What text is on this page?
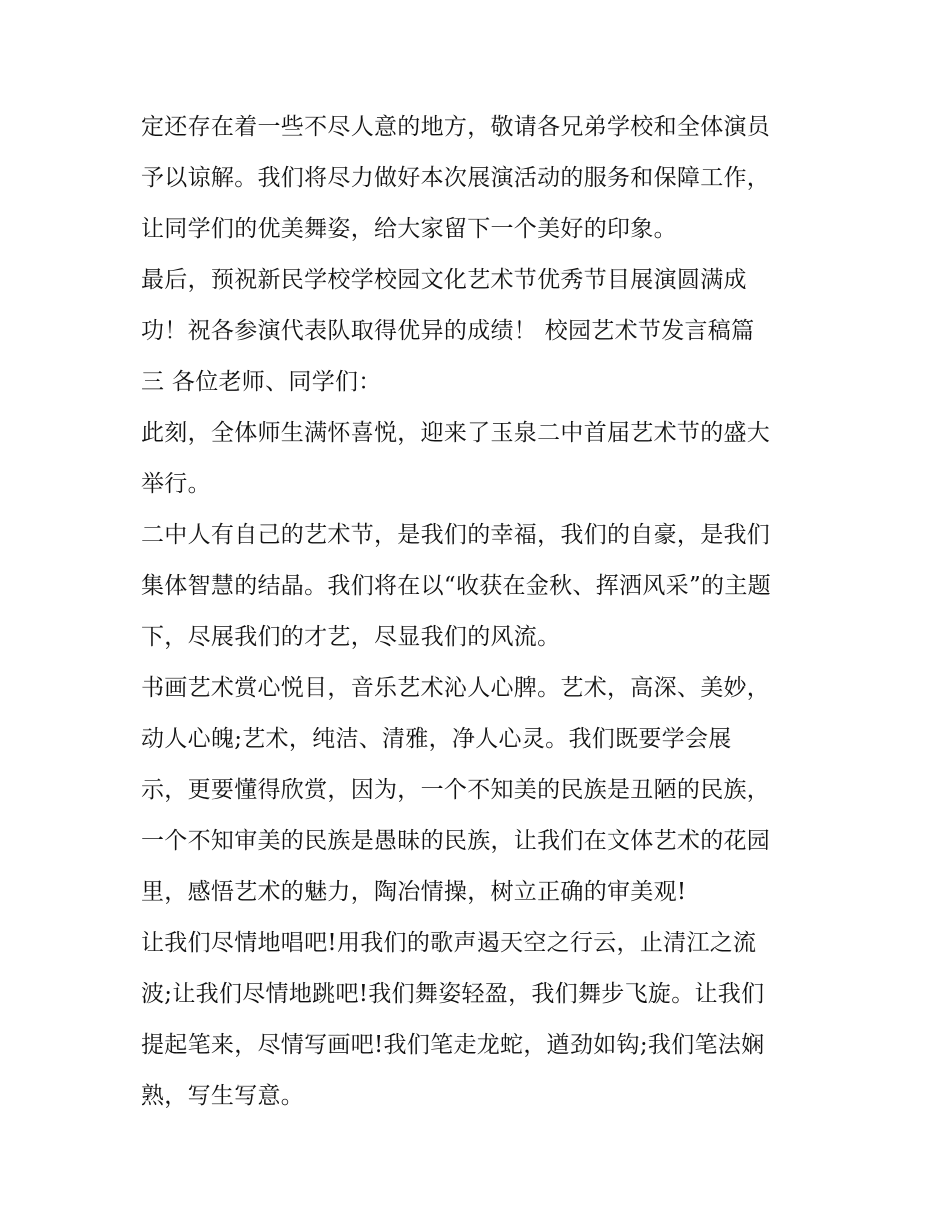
定还存在着一些不尽人意的地方，敬请各兄弟学校和全体演员
予以谅解。我们将尽力做好本次展演活动的服务和保障工作，
让同学们的优美舞姿，给大家留下一个美好的印象。
最后，预祝新民学校学校园文化艺术节优秀节目展演圆满成
功！祝各参演代表队取得优异的成绩！ 校园艺术节发言稿篇
三 各位老师、同学们：
此刻，全体师生满怀喜悦，迎来了玉泉二中首届艺术节的盛大
举行。
二中人有自己的艺术节，是我们的幸福，我们的自豪，是我们
集体智慧的结晶。我们将在以“收获在金秋、挥洒风采”的主题
下，尽展我们的才艺，尽显我们的风流。
书画艺术赏心悦目，音乐艺术沁人心脾。艺术，高深、美妙，
动人心魄;艺术，纯洁、清雅，净人心灵。我们既要学会展
示，更要懂得欣赏，因为，一个不知美的民族是丑陋的民族，
一个不知审美的民族是愚昧的民族，让我们在文体艺术的花园
里，感悟艺术的魅力，陶冶情操，树立正确的审美观!
让我们尽情地唱吧!用我们的歌声遏天空之行云，止清江之流
波;让我们尽情地跳吧!我们舞姿轻盈，我们舞步飞旋。让我们
提起笔来，尽情写画吧!我们笔走龙蛇，遒劲如钩;我们笔法娴
熟，写生写意。
